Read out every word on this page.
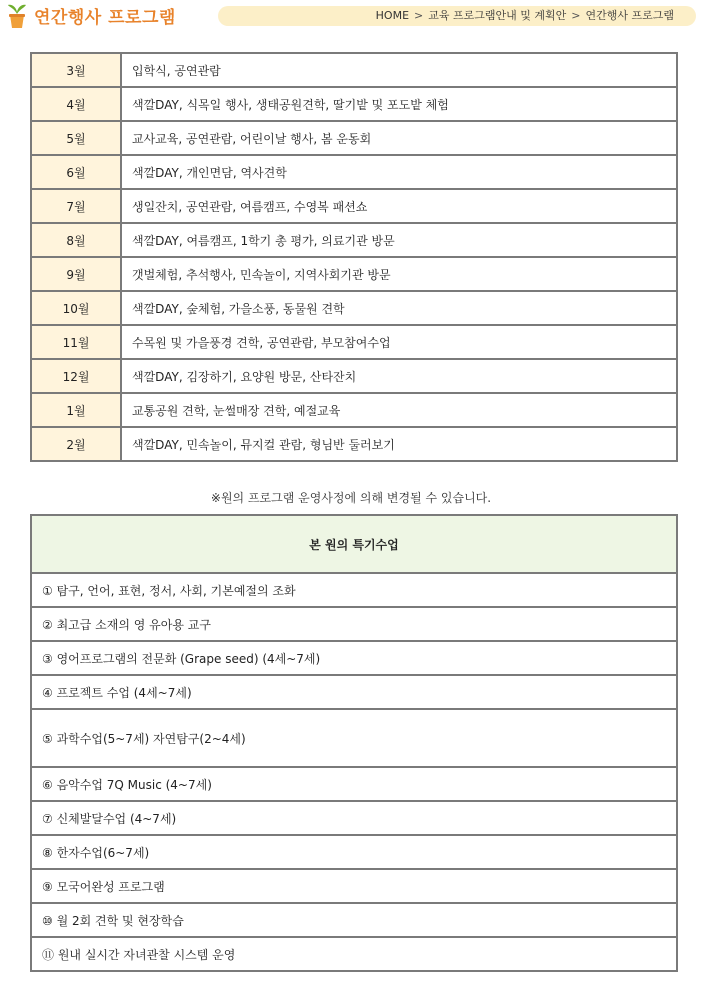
연간행사 프로그램	HOME > 교육 프로그램안내 및 계획안 > 연간행사 프로그램
3월	입학식, 공연관람
4월	색깔DAY, 식목일 행사, 생태공원견학, 딸기밭 및 포도밭 체험
5월	교사교육, 공연관람, 어린이날 행사, 봄 운동회
6월	색깔DAY, 개인면담, 역사견학
7월	생일잔치, 공연관람, 여름캠프, 수영복 패션쇼
8월	색깔DAY, 여름캠프, 1학기 총 평가, 의료기관 방문
9월	갯벌체험, 추석행사, 민속놀이, 지역사회기관 방문
10월	색깔DAY, 숲체험, 가을소풍, 동물원 견학
11월	수목원 및 가을풍경 견학, 공연관람, 부모참여수업
12월	색깔DAY, 김장하기, 요양원 방문, 산타잔치
1월	교통공원 견학, 눈썰매장 견학, 예절교육
2월	색깔DAY, 민속놀이, 뮤지컬 관람, 형님반 둘러보기
※원의 프로그램 운영사정에 의해 변경될 수 있습니다.
본 원의 특기수업
① 탐구, 언어, 표현, 정서, 사회, 기본예절의 조화
② 최고급 소재의 영 유아용 교구
③ 영어프로그램의 전문화 (Grape seed) (4세~7세)
④ 프로젝트 수업 (4세~7세)
⑤ 과학수업(5~7세) 자연탐구(2~4세)
⑥ 음악수업 7Q Music (4~7세)
⑦ 신체발달수업 (4~7세)
⑧ 한자수업(6~7세)
⑨ 모국어완성 프로그램
⑩ 월 2회 견학 및 현장학습
⑪ 원내 실시간 자녀관찰 시스템 운영
